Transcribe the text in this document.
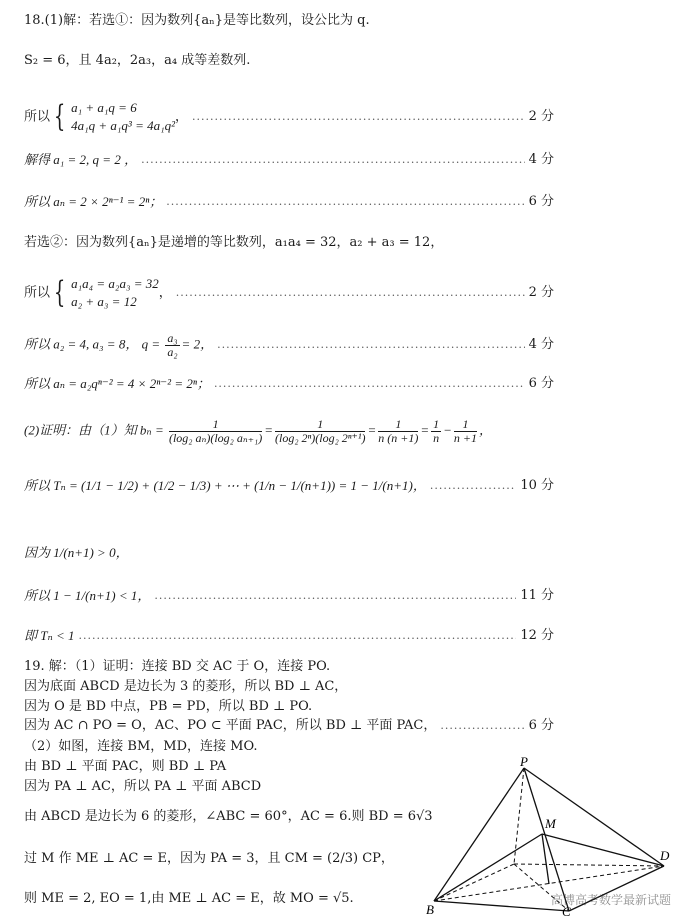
18.(1)解：若选①：因为数列{aₙ}是等比数列，设公比为 q.
S₂ = 6，且 4a₂，2a₃，a₄ 成等差数列.
所以 { a₁ + a₁q = 6
4a₁q + a₁q³ = 4a₁q²
， .....	2 分
解得 a₁ = 2, q = 2 ， .....	4 分
所以 aₙ = 2 × 2ⁿ⁻¹ = 2ⁿ； .....	6 分
若选②：因为数列{aₙ}是递增的等比数列，a₁a₄ = 32，a₂ + a₃ = 12，
所以 { a₁a₄ = a₂a₃ = 32
a₂ + a₃ = 12
， .....	2 分
所以 a₂ = 4, a₃ = 8， $q = \frac{\text{a₃}}{\text{a₂}} = 2$， .....	4 分
所以 aₙ = a₂qⁿ⁻² = 4 × 2ⁿ⁻² = 2ⁿ； .....	6 分
(2)证明：由（1）知 $b_n = \frac{1}{\text{(log₂ aₙ)(log₂ aₙ₊₁)}} = \frac{1}{\text{(log₂ 2ⁿ)(log₂ 2ⁿ⁺¹)}} = \frac{1}{n (n +1)} = \frac{1}{n} - \frac{1}{n +1}$ ，
所以 Tₙ = (1/1 − 1/2) + (1/2 − 1/3) + ⋯ + (1/n − 1/(n+1)) = 1 − 1/(n+1)， .....	10 分
因为 1/(n+1) > 0，
所以 1 − 1/(n+1) < 1， .....	11 分
即 Tₙ < 1 .....	12 分
19. 解：（1）证明：连接 BD 交 AC 于 O，连接 PO.
因为底面 ABCD 是边长为 3 的菱形，所以 BD ⊥ AC，
因为 O 是 BD 中点，PB = PD，所以 BD ⊥ PO.
因为 AC ∩ PO = O，AC、PO ⊂ 平面 PAC，所以 BD ⊥ 平面 PAC， .....	6 分
（2）如图，连接 BM，MD，连接 MO.
由 BD ⊥ 平面 PAC，则 BD ⊥ PA
因为 PA ⊥ AC，所以 PA ⊥ 平面 ABCD
由 ABCD 是边长为 6 的菱形，∠ABC = 60°，AC = 6.则 BD = 6√3
过 M 作 ME ⊥ AC = E，因为 PA = 3，且 CM = (2/3) CP，
则 ME = 2, EO = 1,由 ME ⊥ AC = E，故 MO = √5.
P
M
B	C
D
高博高考数学最新试题
